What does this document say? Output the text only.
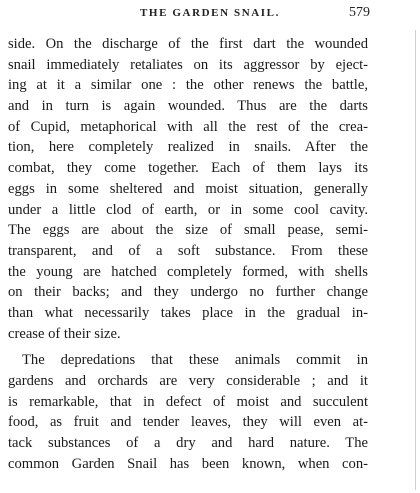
THE GARDEN SNAIL.	579
side. On the discharge of the first dart the wounded
snail immediately retaliates on its aggressor by eject-
ing at it a similar one : the other renews the battle,
and in turn is again wounded. Thus are the darts
of Cupid, metaphorical with all the rest of the crea-
tion, here completely realized in snails. After the
combat, they come together. Each of them lays its
eggs in some sheltered and moist situation, generally
under a little clod of earth, or in some cool cavity.
The eggs are about the size of small pease, semi-
transparent, and of a soft substance. From these
the young are hatched completely formed, with shells
on their backs; and they undergo no further change
than what necessarily takes place in the gradual in-
crease of their size.
The depredations that these animals commit in
gardens and orchards are very considerable ; and it
is remarkable, that in defect of moist and succulent
food, as fruit and tender leaves, they will even at-
tack substances of a dry and hard nature. The
common Garden Snail has been known, when con-
